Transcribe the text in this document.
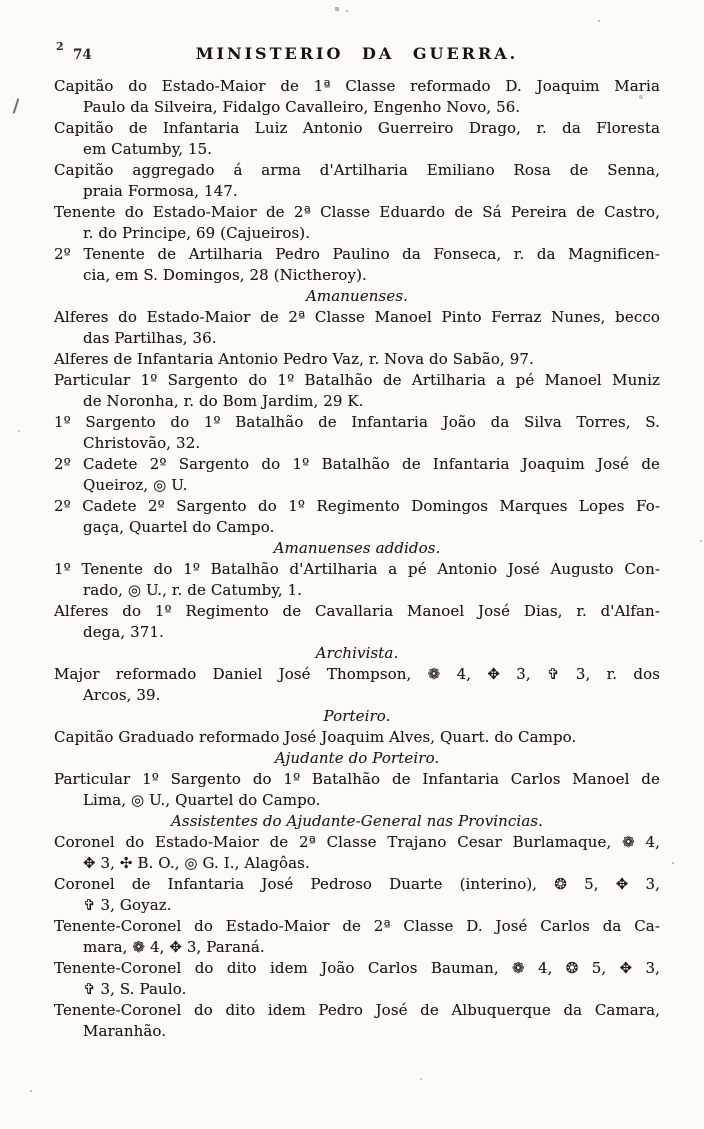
2
74	MINISTERIO DA GUERRA.
Capitão do Estado-Maior de 1ª Classe reformado D. Joaquim Maria
Paulo da Silveira, Fidalgo Cavalleiro, Engenho Novo, 56.
Capitão de Infantaria Luiz Antonio Guerreiro Drago, r. da Floresta
em Catumby, 15.
Capitão aggregado á arma d'Artilharia Emiliano Rosa de Senna,
praia Formosa, 147.
Tenente do Estado-Maior de 2ª Classe Eduardo de Sá Pereira de Castro,
r. do Principe, 69 (Cajueiros).
2º Tenente de Artilharia Pedro Paulino da Fonseca, r. da Magnificen-
cia, em S. Domingos, 28 (Nictheroy).
Amanuenses.
Alferes do Estado-Maior de 2ª Classe Manoel Pinto Ferraz Nunes, becco
das Partilhas, 36.
Alferes de Infantaria Antonio Pedro Vaz, r. Nova do Sabão, 97.
Particular 1º Sargento do 1º Batalhão de Artilharia a pé Manoel Muniz
de Noronha, r. do Bom Jardim, 29 K.
1º Sargento do 1º Batalhão de Infantaria João da Silva Torres, S.
Christovão, 32.
2º Cadete 2º Sargento do 1º Batalhão de Infantaria Joaquim José de
Queiroz, ◎ U.
2º Cadete 2º Sargento do 1º Regimento Domingos Marques Lopes Fo-
gaça, Quartel do Campo.
Amanuenses addidos.
1º Tenente do 1º Batalhão d'Artilharia a pé Antonio José Augusto Con-
rado, ◎ U., r. de Catumby, 1.
Alferes do 1º Regimento de Cavallaria Manoel José Dias, r. d'Alfan-
dega, 371.
Archivista.
Major reformado Daniel José Thompson, ❁ 4, ✥ 3, ✞ 3, r. dos
Arcos, 39.
Porteiro.
Capitão Graduado reformado José Joaquim Alves, Quart. do Campo.
Ajudante do Porteiro.
Particular 1º Sargento do 1º Batalhão de Infantaria Carlos Manoel de
Lima, ◎ U., Quartel do Campo.
Assistentes do Ajudante-General nas Provincias.
Coronel do Estado-Maior de 2ª Classe Trajano Cesar Burlamaque, ❁ 4,
✥ 3, ✣ B. O., ◎ G. I., Alagôas.
Coronel de Infantaria José Pedroso Duarte (interino), ❂ 5, ✥ 3,
✞ 3, Goyaz.
Tenente-Coronel do Estado-Maior de 2ª Classe D. José Carlos da Ca-
mara, ❁ 4, ✥ 3, Paraná.
Tenente-Coronel do dito idem João Carlos Bauman, ❁ 4, ❂ 5, ✥ 3,
✞ 3, S. Paulo.
Tenente-Coronel do dito idem Pedro José de Albuquerque da Camara,
Maranhão.
